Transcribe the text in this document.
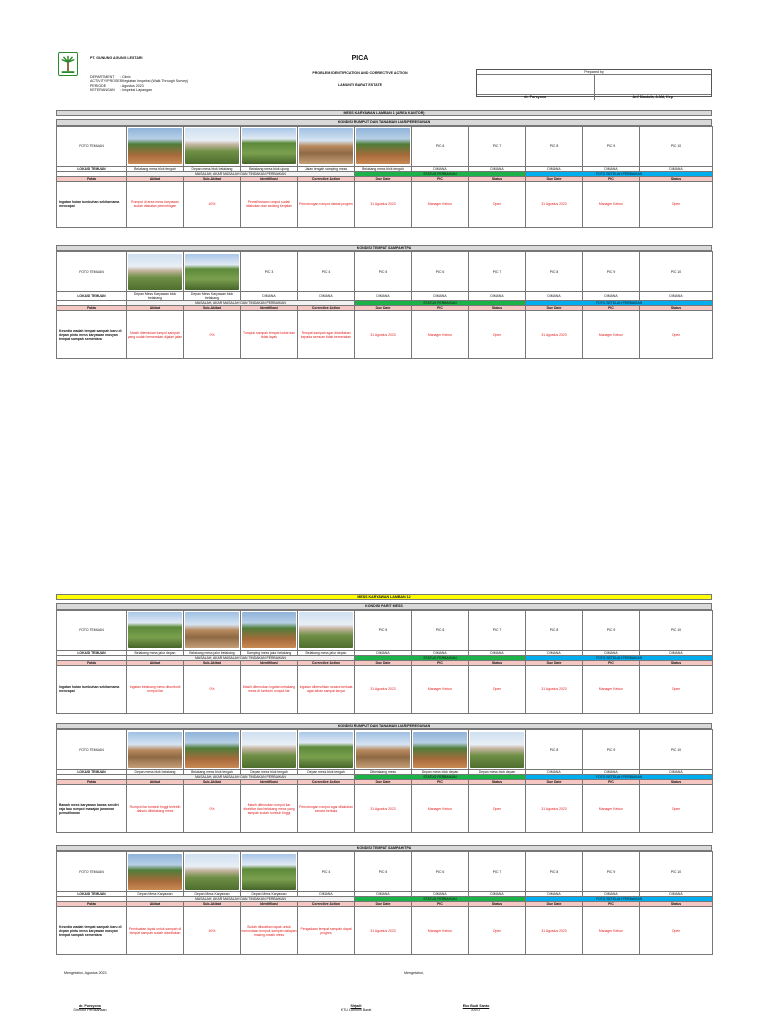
PT. GUNUNG AGUNG LESTARI	PICA
PROBLEM IDENTIFICATION AND CORRECTIVE ACTION
LAMUNTI BARAT ESTATE
DEPARTMENT : Clinic
ACTIVITY/PROSES: Kegiatan Inspeksi (Walk Through Survey)
PERIODE	: Agustus 2023
KETERANGAN : Inspeksi Lapangan
Prepared by
dr. Pursyono	Arif Mustofa, A.Md, Kep
MESS KARYAWAN LAMBAN 1 (AREA KANTOR)
KONDISI RUMPUT DAN TANAMAN LIAR/PEREGUNAN
FOTO TEMUAN						PIC 6	PIC 7	PIC 8	PIC 9	PIC 10
LOKASI TEMUAN	Belakang mess blok tengah	Depan mess blok belakang	Belakang mess blok ujung	Jalan tengah samping mess	Belakang mess blok tengah	DIMANA	DIMANA	DIMANA	DIMANA	DIMANA
	MASALAH, AKAR MASALAH DAN TINDAKAN PERBAIKAN				STATUS PERBAIKAN			FOTO SETELAH PERBAIKAN		
Fakta	Akibat	Sub-Akibat	Identifikasi	Corrective Action	Due Date	PIC	Status	Due Date	PIC	Status
Ingatan hutan tumbuhan sekitarnama mencapai	Rumput di area mess karyawan sudah diakatan pemmtingan	40%	Pemeliharaan rumput sudah dilakukan dan sedang berjalan	Pemotongan rumput diawal progres	31 Agustus 2023	Manager Kebun	Open	31 Agustus 2023	Manager Kebun	Open
KONDISI TEMPAT SAMPAH/TPA
FOTO TEMUAN			PIC 3	PIC 4	PIC 5	PIC 6	PIC 7	PIC 8	PIC 9	PIC 10
LOKASI TEMUAN	Depan Mess Karyawan blok belakang	Depan Mess Karyawan blok belakang	DIMANA	DIMANA	DIMANA	DIMANA	DIMANA	DIMANA	DIMANA	DIMANA
	MASALAH, AKAR MASALAH DAN TINDAKAN PERBAIKAN				STATUS PERBAIKAN			FOTO SETELAH PERBAIKAN		
Fakta	Akibat	Sub-Akibat	Identifikasi	Corrective Action	Due Date	PIC	Status	Due Date	PIC	Status
Kesedia wadah tempat sampah baru di depan pintu mess karyawan masyan tempat sampah sementara	Masih ditemukan tumpul sampah yang sudah berserakan dijalan jalan	0%	Tumpuk sampah tempat kubal dan tidak layak	Tempat sampah agar disediakan kepada semuan tidak berserakan	31 Agustus 2023	Manager Kebun	Open	31 Agustus 2023	Manager Kebun	Open
MESS KARYAWAN LAMBAN 12
KONDISI PARIT MESS
FOTO TEMUAN					PIC 5	PIC 6	PIC 7	PIC 8	PIC 9	PIC 10
LOKASI TEMUAN	Belakang mess jalur depan	Belakang mess jalur belakang	Samping mess jalur belakang	Belakang mess jalur depan	DIMANA	DIMANA	DIMANA	DIMANA	DIMANA	DIMANA
	MASALAH, AKAR MASALAH DAN TINDAKAN PERBAIKAN				STATUS PERBAIKAN			FOTO SETELAH PERBAIKAN		
Fakta	Akibat	Sub-Akibat	Identifikasi	Corrective Action	Due Date	PIC	Status	Due Date	PIC	Status
Ingatan hutan tumbuhan sekitarnama mencapai	Ingatan belakang mess ditumbuhi rumput liar	0%	Masih ditemukan ingatan belakang mess di tumbuhi rumput liar	Ingatan dibersihkan secara berkala agar aliran sampai lanyar	31 Agustus 2023	Manager Kebun	Open	31 Agustus 2023	Manager Kebun	Open
KONDISI RUMPUT DAN TANAMAN LIAR/PEREGUNAN
FOTO TEMUAN								PIC 8	PIC 9	PIC 10
LOKASI TEMUAN	Depan mess blok belakang	Belakang mess blok tengah	Depan mess blok tengah	Depan mess blok tengah	Dibelakang mess	Depan mess blok depan	Depan mess blok depan	DIMANA	DIMANA	DIMANA
	MASALAH, AKAR MASALAH DAN TINDAKAN PERBAIKAN				STATUS PERBAIKAN			FOTO SETELAH PERBAIKAN		
Fakta	Akibat	Sub-Akibat	Identifikasi	Corrective Action	Due Date	PIC	Status	Due Date	PIC	Status
Bawah mess karyawan banas sendiri raja bau rumput masajan janannar pemutihanan	Rumput liar tumbuh tinggi terlebih dahulu dibelakang mess	0%	Masih ditemukan rumput liar disekitar dan belakang mess yang tampak sudah tumbuh tinggi	Pemotongan rumput agar dilakukan secara berkala	31 Agustus 2023	Manager Kebun	Open	31 Agustus 2023	Manager Kebun	Open
KONDISI TEMPAT SAMPAH/TPA
FOTO TEMUAN				PIC 4	PIC 5	PIC 6	PIC 7	PIC 8	PIC 9	PIC 10
LOKASI TEMUAN	Depan Mess Karyawan	Depan Mess Karyawan	Depan Mess Karyawan	DIMANA	DIMANA	DIMANA	DIMANA	DIMANA	DIMANA	DIMANA
	MASALAH, AKAR MASALAH DAN TINDAKAN PERBAIKAN				STATUS PERBAIKAN			FOTO SETELAH PERBAIKAN		
Fakta	Akibat	Sub-Akibat	Identifikasi	Corrective Action	Due Date	PIC	Status	Due Date	PIC	Status
Kesedia wadah tempat sampah baru di depan pintu mess karyawan masyan tempat sampah sementara	Pembuatan lapak untuk sampah di tempat sampah sudah disediakan	40%	Sudah dibuatkan lapak untuk menuntaan tumpuk sampah dalapan masing-masih mess	Pengadaan tempat sampah dapat progres	31 Agustus 2023	Manager Kebun	Open	31 Agustus 2023	Manager Kebun	Open
Mengetahui, Agustus 2023	Mengetahui,
dr. Pursyono
Direktur Perusahaan
Sirjadi
KTU Lamunti Barat
Eko Budi Santo
ASST
